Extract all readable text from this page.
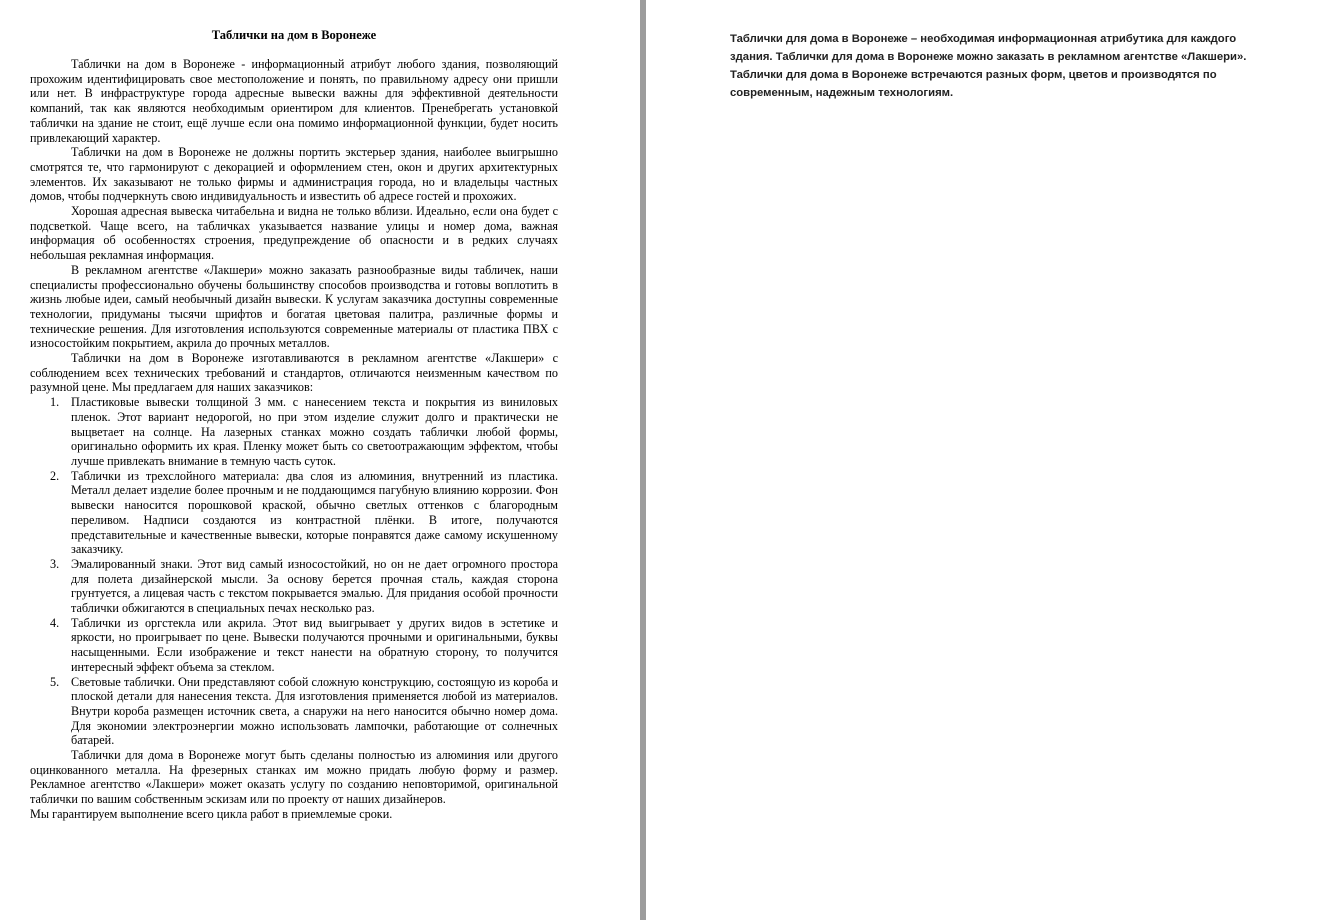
Таблички на дом в Воронеже

Таблички на дом в Воронеже - информационный атрибут любого здания, позволяющий прохожим идентифицировать свое местоположение и понять, по правильному адресу они пришли или нет. В инфраструктуре города адресные вывески важны для эффективной деятельности компаний, так как являются необходимым ориентиром для клиентов. Пренебрегать установкой таблички на здание не стоит, ещё лучше если она помимо информационной функции, будет носить привлекающий характер.

Таблички на дом в Воронеже не должны портить экстерьер здания, наиболее выигрышно смотрятся те, что гармонируют с декорацией и оформлением стен, окон и других архитектурных элементов. Их заказывают не только фирмы и администрация города, но и владельцы частных домов, чтобы подчеркнуть свою индивидуальность и известить об адресе гостей и прохожих.

Хорошая адресная вывеска читабельна и видна не только вблизи. Идеально, если она будет с подсветкой. Чаще всего, на табличках указывается название улицы и номер дома, важная информация об особенностях строения, предупреждение об опасности и в редких случаях небольшая рекламная информация.

В рекламном агентстве «Лакшери» можно заказать разнообразные виды табличек, наши специалисты профессионально обучены большинству способов производства и готовы воплотить в жизнь любые идеи, самый необычный дизайн вывески. К услугам заказчика доступны современные технологии, придуманы тысячи шрифтов и богатая цветовая палитра, различные формы и технические решения. Для изготовления используются современные материалы от пластика ПВХ с износостойким покрытием, акрила до прочных металлов.

Таблички на дом в Воронеже изготавливаются в рекламном агентстве «Лакшери» с соблюдением всех технических требований и стандартов, отличаются неизменным качеством по разумной цене. Мы предлагаем для наших заказчиков:

1. Пластиковые вывески толщиной 3 мм. с нанесением текста и покрытия из виниловых пленок. Этот вариант недорогой, но при этом изделие служит долго и практически не выцветает на солнце. На лазерных станках можно создать таблички любой формы, оригинально оформить их края. Пленку может быть со светоотражающим эффектом, чтобы лучше привлекать внимание в темную часть суток.
2. Таблички из трехслойного материала: два слоя из алюминия, внутренний из пластика. Металл делает изделие более прочным и не поддающимся пагубную влиянию коррозии. Фон вывески наносится порошковой краской, обычно светлых оттенков с благородным переливом. Надписи создаются из контрастной плёнки. В итоге, получаются представительные и качественные вывески, которые понравятся даже самому искушенному заказчику.
3. Эмалированный знаки. Этот вид самый износостойкий, но он не дает огромного простора для полета дизайнерской мысли. За основу берется прочная сталь, каждая сторона грунтуется, а лицевая часть с текстом покрывается эмалью. Для придания особой прочности таблички обжигаются в специальных печах несколько раз.
4. Таблички из оргстекла или акрила. Этот вид выигрывает у других видов в эстетике и яркости, но проигрывает по цене. Вывески получаются прочными и оригинальными, буквы насыщенными. Если изображение и текст нанести на обратную сторону, то получится интересный эффект объема за стеклом.
5. Световые таблички. Они представляют собой сложную конструкцию, состоящую из короба и плоской детали для нанесения текста. Для изготовления применяется любой из материалов. Внутри короба размещен источник света, а снаружи на него наносится обычно номер дома. Для экономии электроэнергии можно использовать лампочки, работающие от солнечных батарей.

Таблички для дома в Воронеже могут быть сделаны полностью из алюминия или другого оцинкованного металла. На фрезерных станках им можно придать любую форму и размер. Рекламное агентство «Лакшери» может оказать услугу по созданию неповторимой, оригинальной таблички по вашим собственным эскизам или по проекту от наших дизайнеров.

Мы гарантируем выполнение всего цикла работ в приемлемые сроки.

Таблички для дома в Воронеже – необходимая информационная атрибутика для каждого здания. Таблички для дома в Воронеже можно заказать в рекламном агентстве «Лакшери». Таблички для дома в Воронеже встречаются разных форм, цветов и производятся по современным, надежным технологиям.
